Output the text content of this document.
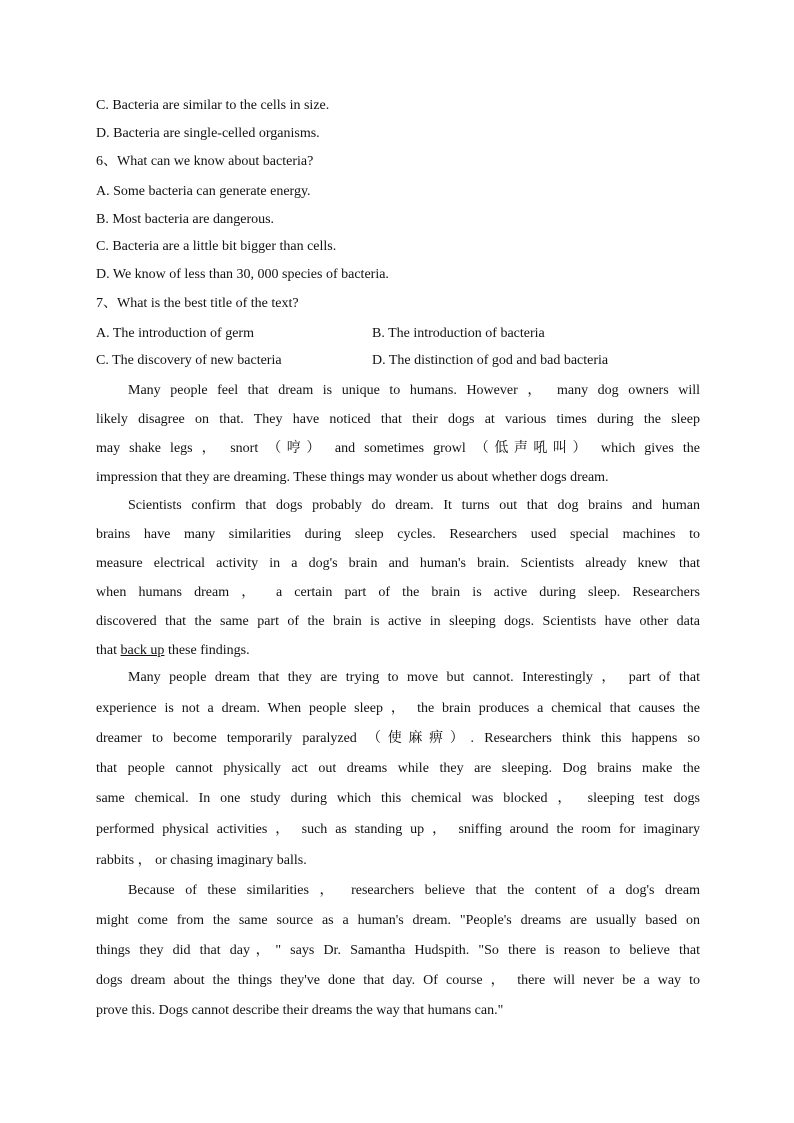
C. Bacteria are similar to the cells in size.
D. Bacteria are single-celled organisms.
6、What can we know about bacteria?
A. Some bacteria can generate energy.
B. Most bacteria are dangerous.
C. Bacteria are a little bit bigger than cells.
D. We know of less than 30, 000 species of bacteria.
7、What is the best title of the text?
A. The introduction of germ	B. The introduction of bacteria
C. The discovery of new bacteria	D. The distinction of god and bad bacteria
Many people feel that dream is unique to humans. However ， many dog owners will
likely disagree on that. They have noticed that their dogs at various times during the sleep
may shake legs ， snort （哼） and sometimes growl （低声吼叫） which gives the
impression that they are dreaming. These things may wonder us about whether dogs dream.
Scientists confirm that dogs probably do dream. It turns out that dog brains and human
brains have many similarities during sleep cycles. Researchers used special machines to
measure electrical activity in a dog's brain and human's brain. Scientists already knew that
when humans dream ， a certain part of the brain is active during sleep. Researchers
discovered that the same part of the brain is active in sleeping dogs. Scientists have other data
that back up these findings.
Many people dream that they are trying to move but cannot. Interestingly ， part of that
experience is not a dream. When people sleep ， the brain produces a chemical that causes the
dreamer to become temporarily paralyzed （使麻痹）. Researchers think this happens so
that people cannot physically act out dreams while they are sleeping. Dog brains make the
same chemical. In one study during which this chemical was blocked ， sleeping test dogs
performed physical activities ， such as standing up ， sniffing around the room for imaginary
rabbits ， or chasing imaginary balls.
Because of these similarities ， researchers believe that the content of a dog's dream
might come from the same source as a human's dream. "People's dreams are usually based on
things they did that day，" says Dr. Samantha Hudspith. "So there is reason to believe that
dogs dream about the things they've done that day. Of course ， there will never be a way to
prove this. Dogs cannot describe their dreams the way that humans can."
